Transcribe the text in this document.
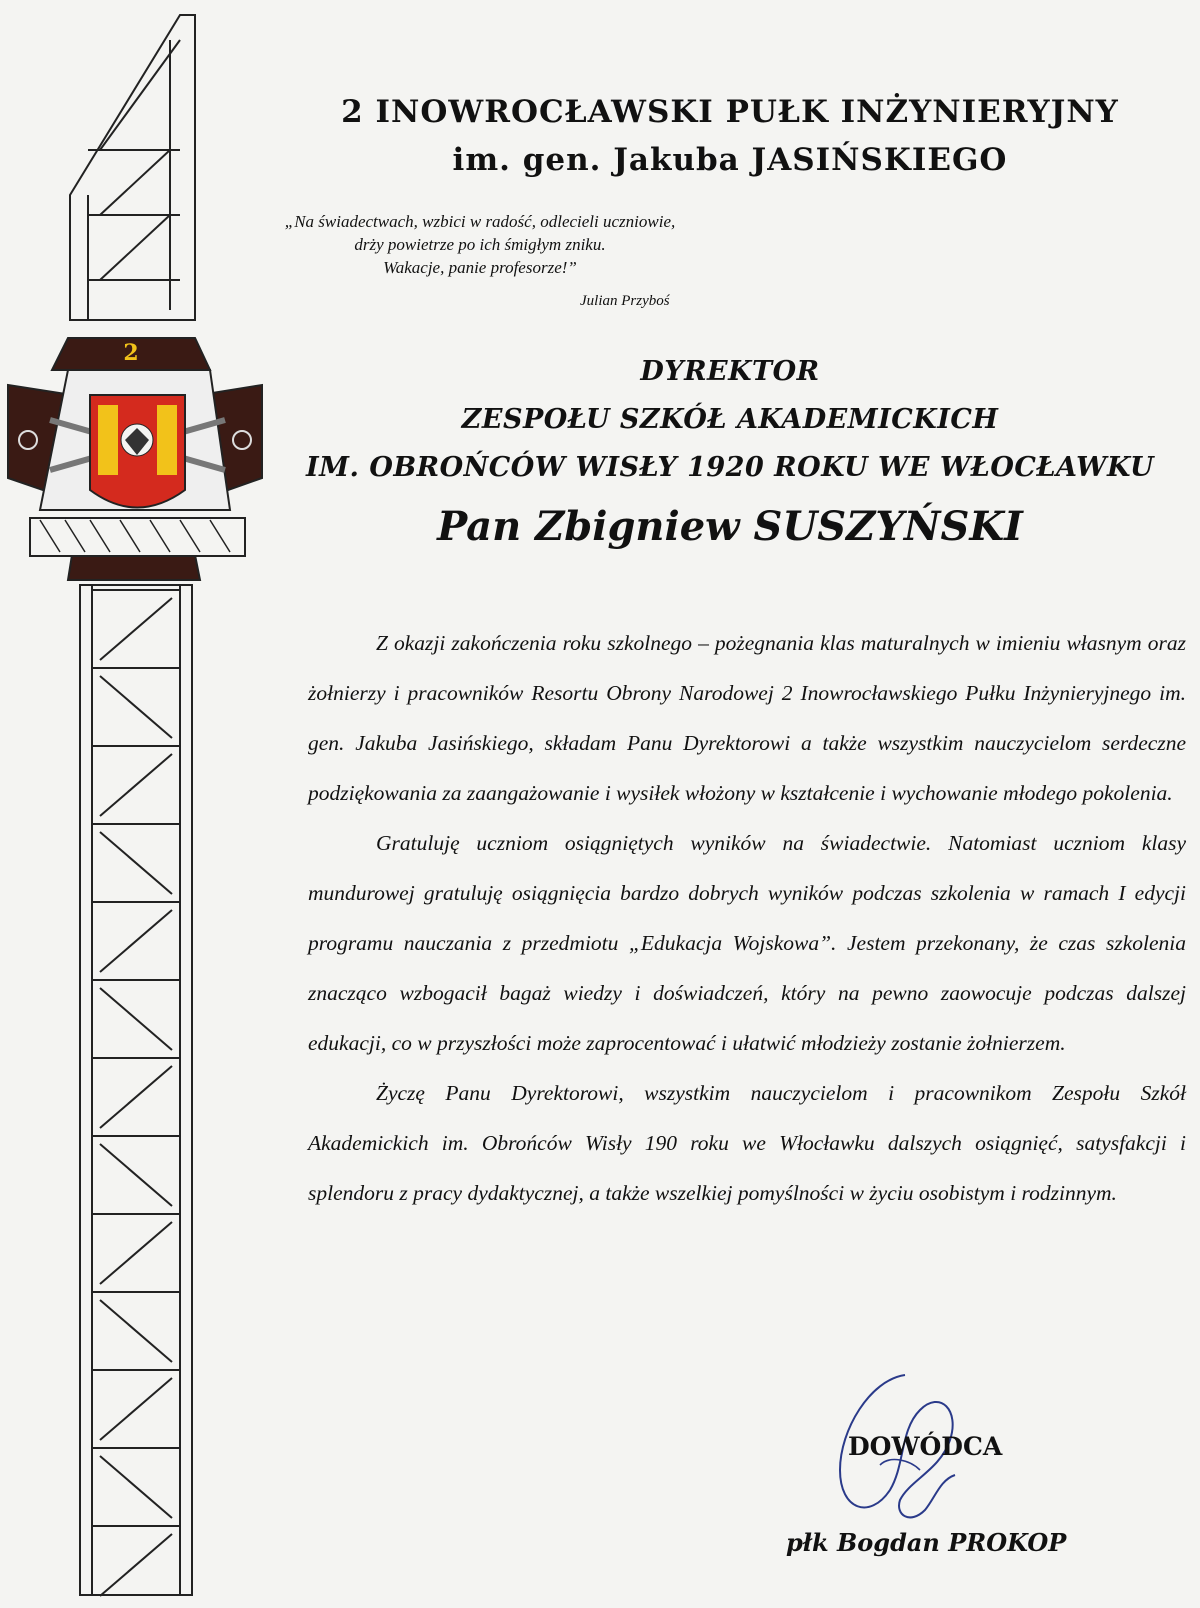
2
2 INOWROCŁAWSKI PUŁK INŻYNIERYJNY
im. gen. Jakuba JASIŃSKIEGO
„Na świadectwach, wzbici w radość, odlecieli uczniowie,
drży powietrze po ich śmigłym zniku.
Wakacje, panie profesorze!”
Julian Przyboś
DYREKTOR
ZESPOŁU SZKÓŁ AKADEMICKICH
IM. OBROŃCÓW WISŁY 1920 ROKU WE WŁOCŁAWKU
Pan Zbigniew SUSZYŃSKI

Z okazji zakończenia roku szkolnego – pożegnania klas maturalnych w imieniu własnym oraz żołnierzy i pracowników Resortu Obrony Narodowej 2 Inowrocławskiego Pułku Inżynieryjnego im. gen. Jakuba Jasińskiego, składam Panu Dyrektorowi a także wszystkim nauczycielom serdeczne podziękowania za zaangażowanie i wysiłek włożony w kształcenie i wychowanie młodego pokolenia.

Gratuluję uczniom osiągniętych wyników na świadectwie. Natomiast uczniom klasy mundurowej gratuluję osiągnięcia bardzo dobrych wyników podczas szkolenia w ramach I edycji programu nauczania z przedmiotu „Edukacja Wojskowa”. Jestem przekonany, że czas szkolenia znacząco wzbogacił bagaż wiedzy i doświadczeń, który na pewno zaowocuje podczas dalszej edukacji, co w przyszłości może zaprocentować i ułatwić młodzieży zostanie żołnierzem.

Życzę Panu Dyrektorowi, wszystkim nauczycielom i pracownikom Zespołu Szkół Akademickich im. Obrońców Wisły 190 roku we Włocławku dalszych osiągnięć, satysfakcji i splendoru z pracy dydaktycznej, a także wszelkiej pomyślności w życiu osobistym i rodzinnym.

DOWÓDCA
płk Bogdan PROKOP
